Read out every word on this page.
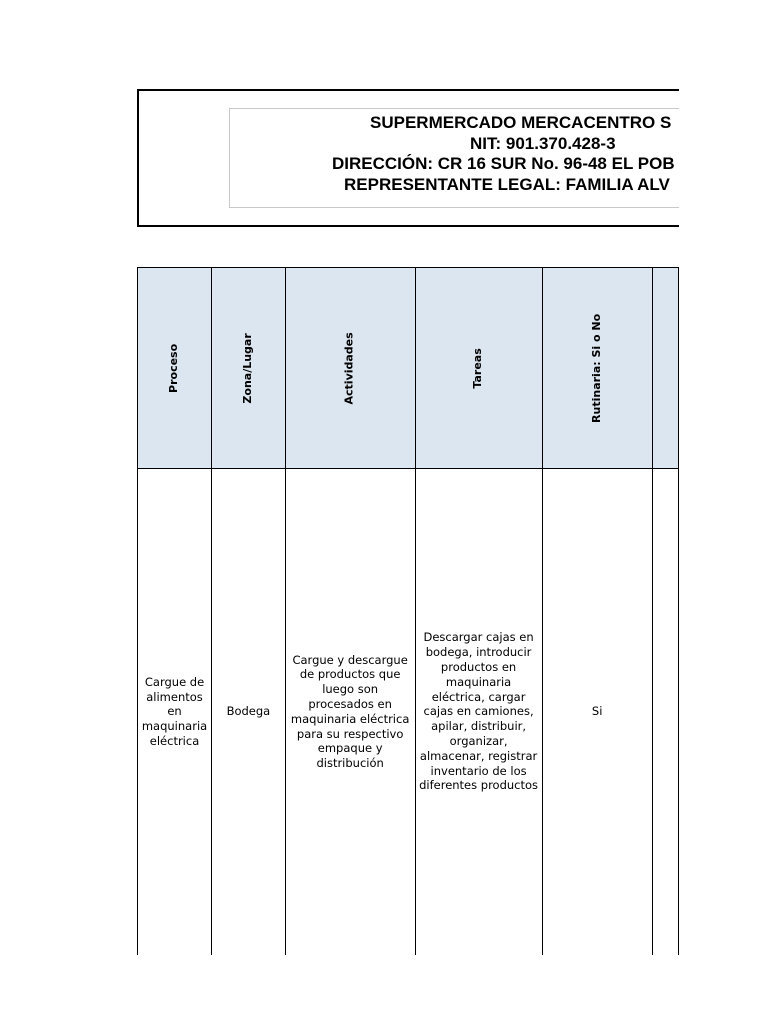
SUPERMERCADO MERCACENTRO S
NIT: 901.370.428-3
DIRECCIÓN: CR 16 SUR No. 96-48 EL POB
REPRESENTANTE LEGAL: FAMILIA ALV
Proceso	Zona/Lugar	Actividades	Tareas	Rutinaria: Si o No	

Cargue de alimentos en maquinaria eléctrica	Bodega	Cargue y descargue de productos que luego son procesados en maquinaria eléctrica para su respectivo empaque y distribución	Descargar cajas en bodega, introducir productos en maquinaria eléctrica, cargar cajas en camiones, apilar, distribuir, organizar, almacenar, registrar inventario de los diferentes productos	Si	
